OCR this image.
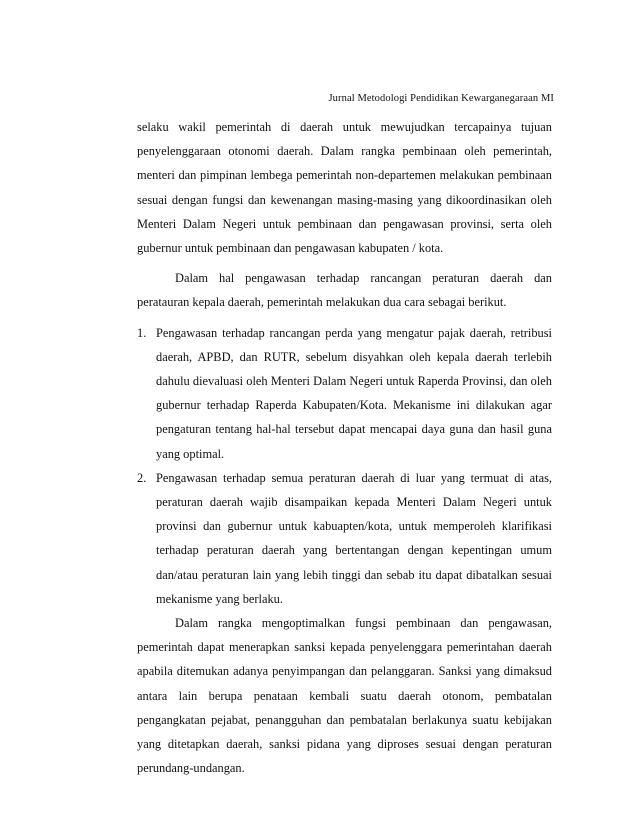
Jurnal Metodologi Pendidikan Kewarganegaraan MI

selaku wakil pemerintah di daerah untuk mewujudkan tercapainya tujuan penyelenggaraan otonomi daerah. Dalam rangka pembinaan oleh pemerintah, menteri dan pimpinan lembega pemerintah non-departemen melakukan pembinaan sesuai dengan fungsi dan kewenangan masing-masing yang dikoordinasikan oleh Menteri Dalam Negeri untuk pembinaan dan pengawasan provinsi, serta oleh gubernur untuk pembinaan dan pengawasan kabupaten / kota.

Dalam hal pengawasan terhadap rancangan peraturan daerah dan peratauran kepala daerah, pemerintah melakukan dua cara sebagai berikut.

1. Pengawasan terhadap rancangan perda yang mengatur pajak daerah, retribusi daerah, APBD, dan RUTR, sebelum disyahkan oleh kepala daerah terlebih dahulu dievaluasi oleh Menteri Dalam Negeri untuk Raperda Provinsi, dan oleh gubernur terhadap Raperda Kabupaten/Kota. Mekanisme ini dilakukan agar pengaturan tentang hal-hal tersebut dapat mencapai daya guna dan hasil guna yang optimal.
2. Pengawasan terhadap semua peraturan daerah di luar yang termuat di atas, peraturan daerah wajib disampaikan kepada Menteri Dalam Negeri untuk provinsi dan gubernur untuk kabuapten/kota, untuk memperoleh klarifikasi terhadap peraturan daerah yang bertentangan dengan kepentingan umum dan/atau peraturan lain yang lebih tinggi dan sebab itu dapat dibatalkan sesuai mekanisme yang berlaku.

Dalam rangka mengoptimalkan fungsi pembinaan dan pengawasan, pemerintah dapat menerapkan sanksi kepada penyelenggara pemerintahan daerah apabila ditemukan adanya penyimpangan dan pelanggaran. Sanksi yang dimaksud antara lain berupa penataan kembali suatu daerah otonom, pembatalan pengangkatan pejabat, penangguhan dan pembatalan berlakunya suatu kebijakan yang ditetapkan daerah, sanksi pidana yang diproses sesuai dengan peraturan perundang-undangan.
